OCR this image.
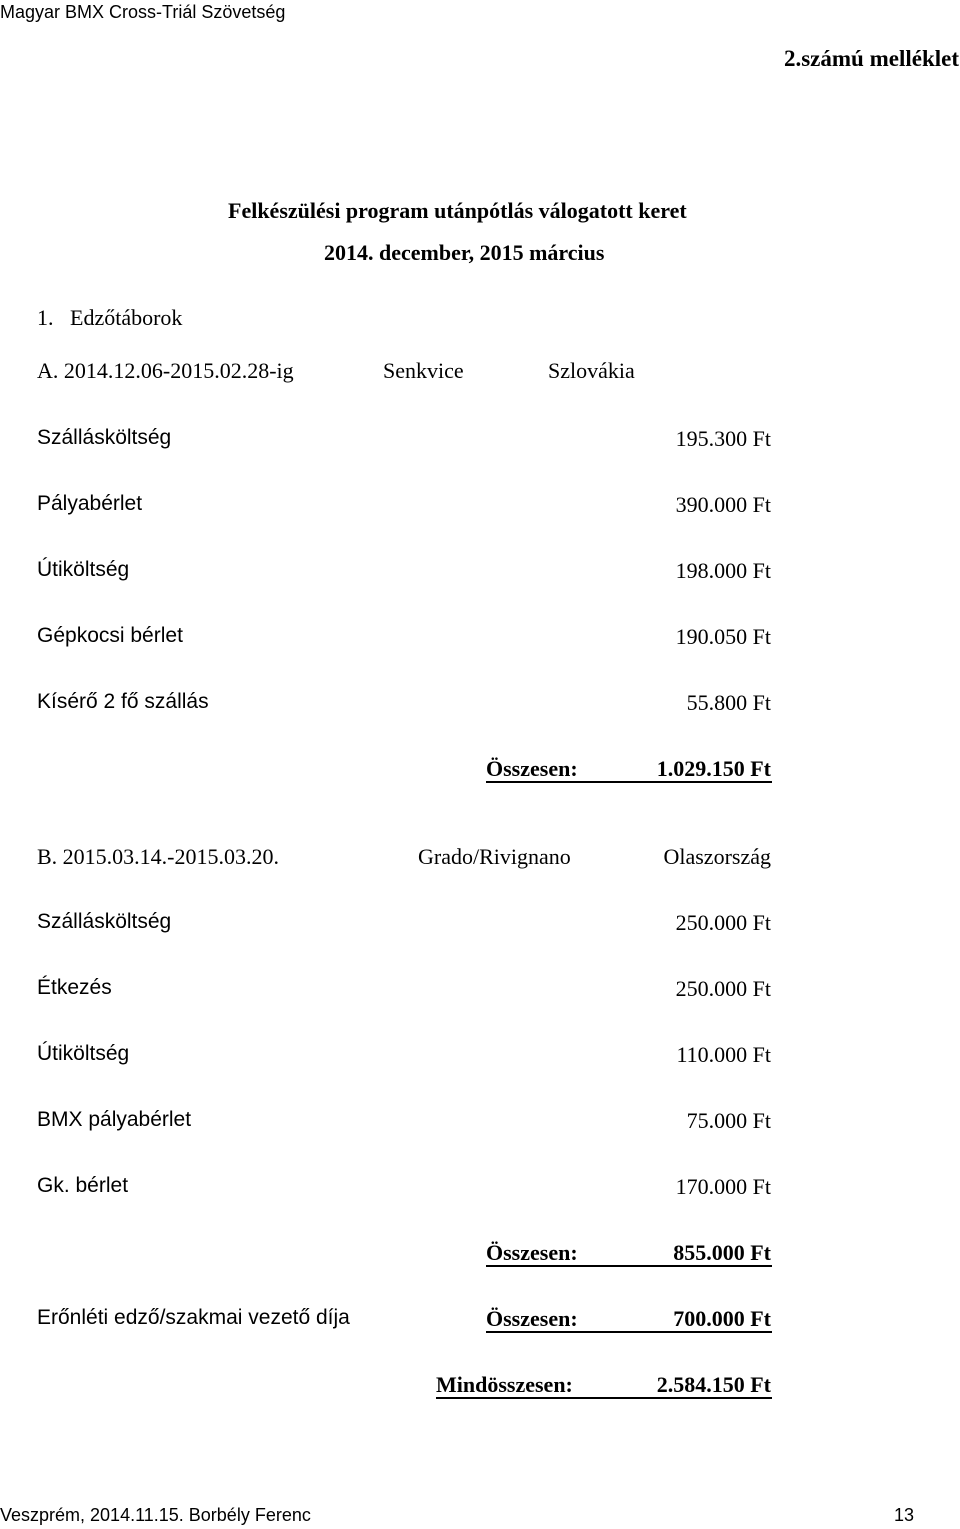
Magyar BMX Cross-Triál Szövetség
2.számú melléklet
Felkészülési program utánpótlás válogatott keret
2014. december, 2015 március
1.   Edzőtáborok
A. 2014.12.06-2015.02.28-ig	Senkvice	Szlovákia
Szállásköltség	195.300 Ft
Pályabérlet	390.000 Ft
Útiköltség	198.000 Ft
Gépkocsi bérlet	190.050 Ft
Kísérő 2 fő szállás	55.800 Ft
Összesen:	1.029.150 Ft
B. 2015.03.14.-2015.03.20.	Grado/Rivignano	Olaszország
Szállásköltség	250.000 Ft
Étkezés	250.000 Ft
Útiköltség	110.000 Ft
BMX pályabérlet	75.000 Ft
Gk. bérlet	170.000 Ft
Összesen:	855.000 Ft
Erőnléti edző/szakmai vezető díja	Összesen:	700.000 Ft
Mindösszesen:	2.584.150 Ft
Veszprém, 2014.11.15. Borbély Ferenc	13
